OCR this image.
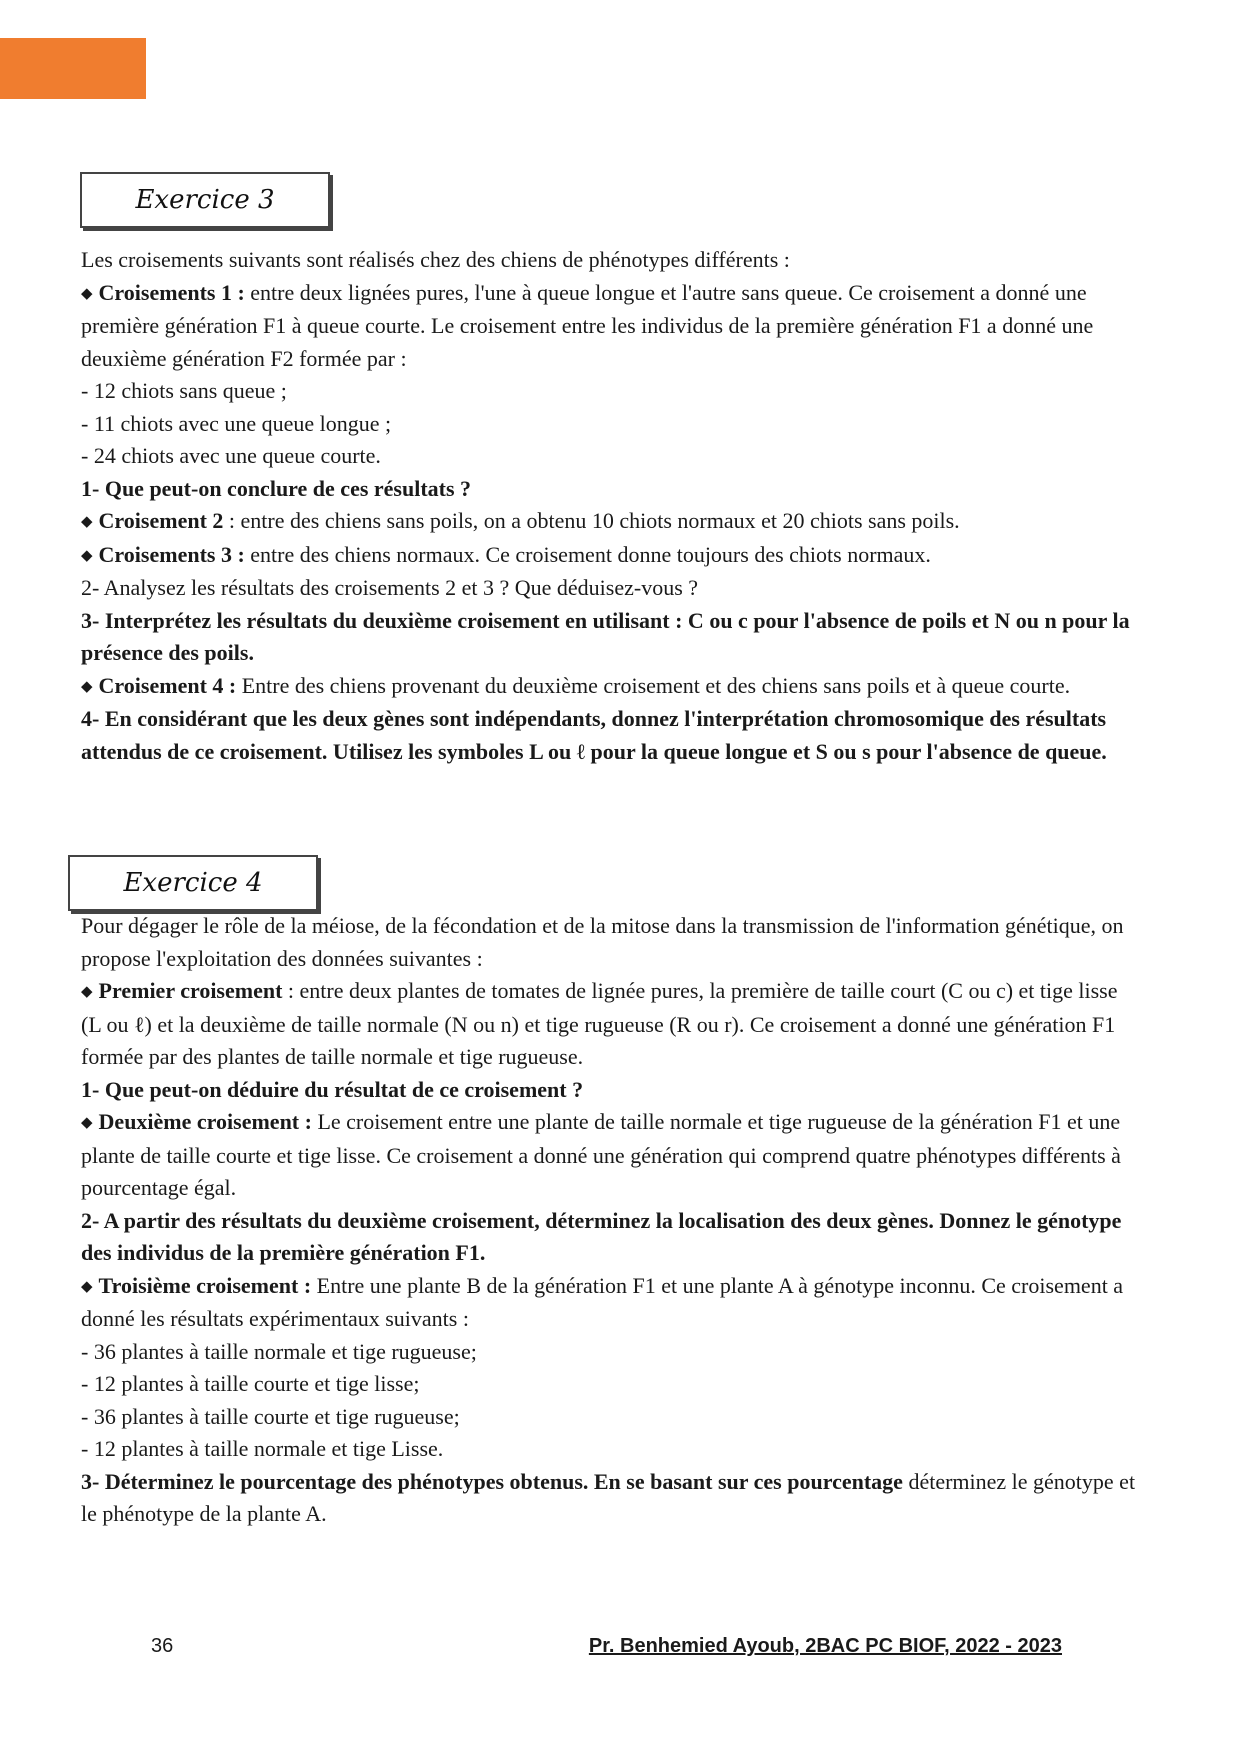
Exercice 3

Les croisements suivants sont réalisés chez des chiens de phénotypes différents :

◆ Croisements 1 : entre deux lignées pures, l'une à queue longue et l'autre sans queue. Ce croisement a donné une première génération F1 à queue courte. Le croisement entre les individus de la première génération F1 a donné une deuxième génération F2 formée par :

- 12 chiots sans queue ;

- 11 chiots avec une queue longue ;

- 24 chiots avec une queue courte.

1- Que peut-on conclure de ces résultats ?

◆ Croisement 2 : entre des chiens sans poils, on a obtenu 10 chiots normaux et 20 chiots sans poils.

◆ Croisements 3 : entre des chiens normaux. Ce croisement donne toujours des chiots normaux.

2- Analysez les résultats des croisements 2 et 3 ? Que déduisez-vous ?

3- Interprétez les résultats du deuxième croisement en utilisant : C ou c pour l'absence de poils et N ou n pour la présence des poils.

◆ Croisement 4 : Entre des chiens provenant du deuxième croisement et des chiens sans poils et à queue courte.

4- En considérant que les deux gènes sont indépendants, donnez l'interprétation chromosomique des résultats attendus de ce croisement. Utilisez les symboles L ou ℓ pour la queue longue et S ou s pour l'absence de queue.

Exercice 4

Pour dégager le rôle de la méiose, de la fécondation et de la mitose dans la transmission de l'information génétique, on propose l'exploitation des données suivantes :

◆ Premier croisement : entre deux plantes de tomates de lignée pures, la première de taille court (C ou c) et tige lisse (L ou ℓ) et la deuxième de taille normale (N ou n) et tige rugueuse (R ou r). Ce croisement a donné une génération F1 formée par des plantes de taille normale et tige rugueuse.

1- Que peut-on déduire du résultat de ce croisement ?

◆ Deuxième croisement : Le croisement entre une plante de taille normale et tige rugueuse de la génération F1 et une plante de taille courte et tige lisse. Ce croisement a donné une génération qui comprend quatre phénotypes différents à pourcentage égal.

2- A partir des résultats du deuxième croisement, déterminez la localisation des deux gènes. Donnez le génotype des individus de la première génération F1.

◆ Troisième croisement : Entre une plante B de la génération F1 et une plante A à génotype inconnu. Ce croisement a donné les résultats expérimentaux suivants :

- 36 plantes à taille normale et tige rugueuse;

- 12 plantes à taille courte et tige lisse;

- 36 plantes à taille courte et tige rugueuse;

- 12 plantes à taille normale et tige Lisse.

3- Déterminez le pourcentage des phénotypes obtenus. En se basant sur ces pourcentage déterminez le génotype et le phénotype de la plante A.

36	Pr. Benhemied Ayoub, 2BAC PC BIOF, 2022 - 2023
